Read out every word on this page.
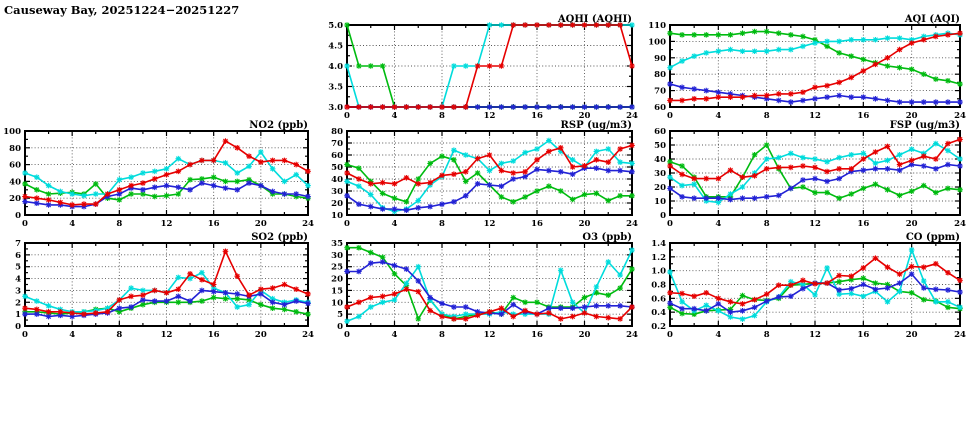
Causeway Bay, 20251224−20251227
0	4	8	12	16	20	24
3.0
3.5
4.0
4.5
5.0
AQHI (AQHI)
0	4	8	12	16	20	24
60
70
80
90
100
110
AQI (AQI)
0	4	8	12	16	20	24
0
20
40
60
80
100
NO2 (ppb)
0	4	8	12	16	20	24
10
20
30
40
50
60
70
80
RSP (ug/m3)
0	4	8	12	16	20	24
0
10
20
30
40
50
60
FSP (ug/m3)
0	4	8	12	16	20	24
0
1
2
3
4
5
6
7
SO2 (ppb)
0	4	8	12	16	20	24
0
5
10
15
20
25
30
35
O3 (ppb)
0	4	8	12	16	20	24
0.2
0.4
0.6
0.8
1.0
1.2
1.4
CO (ppm)
